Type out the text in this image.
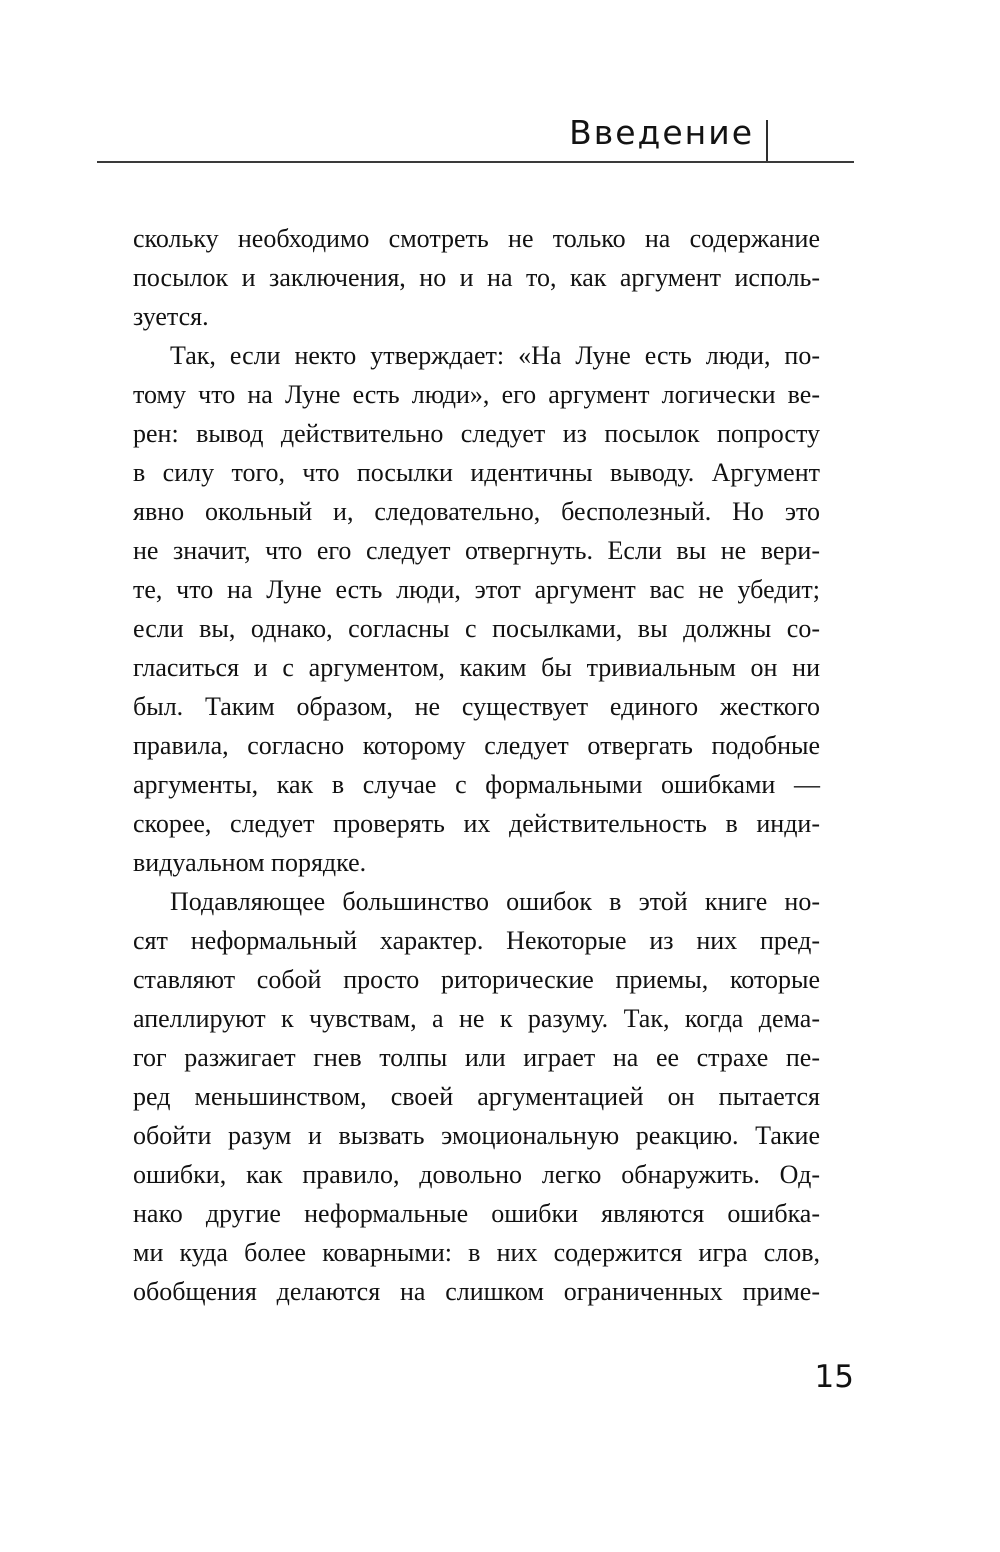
Введение
скольку необходимо смотреть не только на содержание
посылок и заключения, но и на то, как аргумент исполь-
зуется.
Так, если некто утверждает: «На Луне есть люди, по-
тому что на Луне есть люди», его аргумент логически ве-
рен: вывод действительно следует из посылок попросту
в силу того, что посылки идентичны выводу. Аргумент
явно окольный и, следовательно, бесполезный. Но это
не значит, что его следует отвергнуть. Если вы не вери-
те, что на Луне есть люди, этот аргумент вас не убедит;
если вы, однако, согласны с посылками, вы должны со-
гласиться и с аргументом, каким бы тривиальным он ни
был. Таким образом, не существует единого жесткого
правила, согласно которому следует отвергать подобные
аргументы, как в случае с формальными ошибками —
скорее, следует проверять их действительность в инди-
видуальном порядке.
Подавляющее большинство ошибок в этой книге но-
сят неформальный характер. Некоторые из них пред-
ставляют собой просто риторические приемы, которые
апеллируют к чувствам, а не к разуму. Так, когда дема-
гог разжигает гнев толпы или играет на ее страхе пе-
ред меньшинством, своей аргументацией он пытается
обойти разум и вызвать эмоциональную реакцию. Такие
ошибки, как правило, довольно легко обнаружить. Од-
нако другие неформальные ошибки являются ошибка-
ми куда более коварными: в них содержится игра слов,
обобщения делаются на слишком ограниченных приме-
15
